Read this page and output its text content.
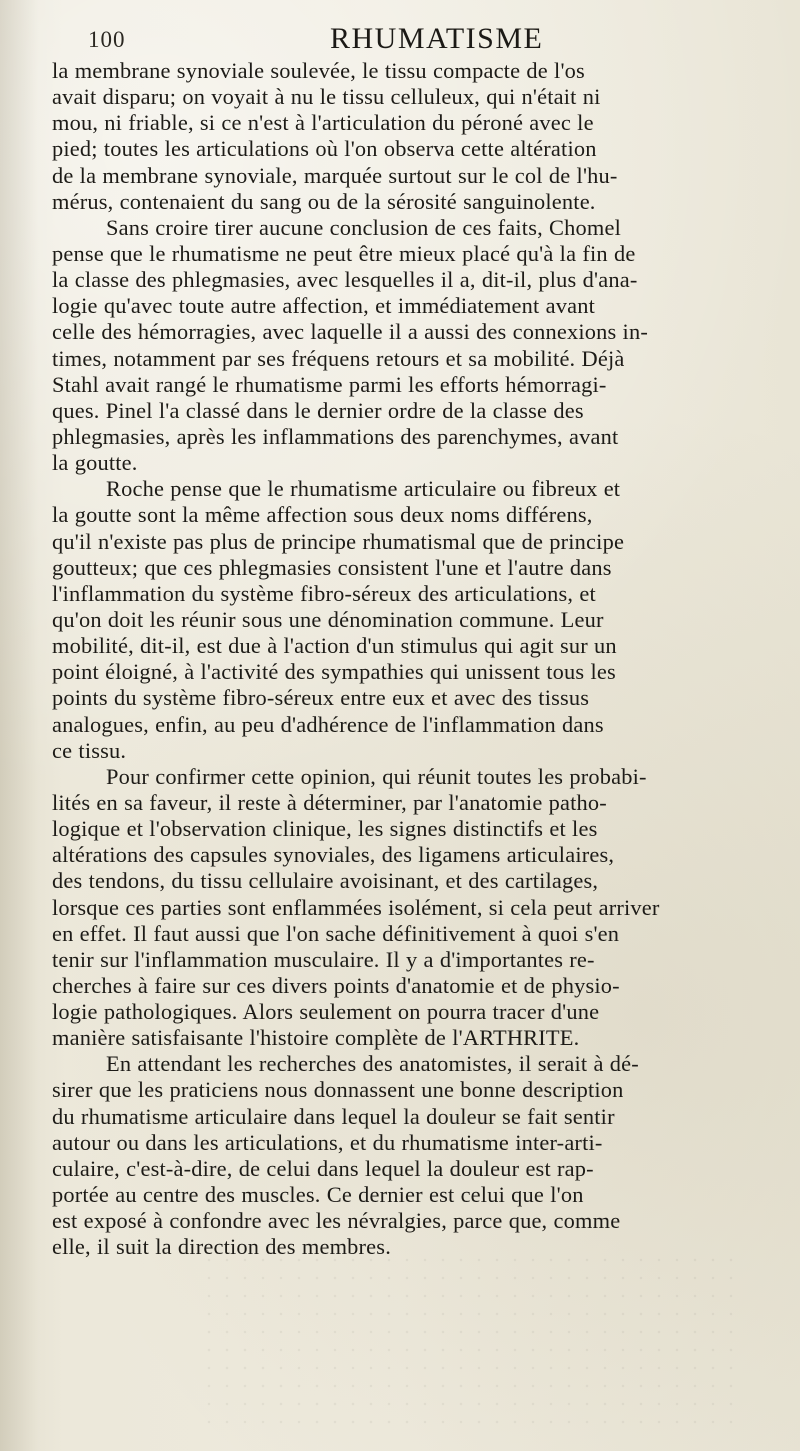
100	RHUMATISME
la membrane synoviale soulevée, le tissu compacte de l'os
avait disparu; on voyait à nu le tissu celluleux, qui n'était ni
mou, ni friable, si ce n'est à l'articulation du péroné avec le
pied; toutes les articulations où l'on observa cette altération
de la membrane synoviale, marquée surtout sur le col de l'hu-
mérus, contenaient du sang ou de la sérosité sanguinolente.
Sans croire tirer aucune conclusion de ces faits, Chomel
pense que le rhumatisme ne peut être mieux placé qu'à la fin de
la classe des phlegmasies, avec lesquelles il a, dit-il, plus d'ana-
logie qu'avec toute autre affection, et immédiatement avant
celle des hémorragies, avec laquelle il a aussi des connexions in-
times, notamment par ses fréquens retours et sa mobilité. Déjà
Stahl avait rangé le rhumatisme parmi les efforts hémorragi-
ques. Pinel l'a classé dans le dernier ordre de la classe des
phlegmasies, après les inflammations des parenchymes, avant
la goutte.
Roche pense que le rhumatisme articulaire ou fibreux et
la goutte sont la même affection sous deux noms différens,
qu'il n'existe pas plus de principe rhumatismal que de principe
goutteux; que ces phlegmasies consistent l'une et l'autre dans
l'inflammation du système fibro-séreux des articulations, et
qu'on doit les réunir sous une dénomination commune. Leur
mobilité, dit-il, est due à l'action d'un stimulus qui agit sur un
point éloigné, à l'activité des sympathies qui unissent tous les
points du système fibro-séreux entre eux et avec des tissus
analogues, enfin, au peu d'adhérence de l'inflammation dans
ce tissu.
Pour confirmer cette opinion, qui réunit toutes les probabi-
lités en sa faveur, il reste à déterminer, par l'anatomie patho-
logique et l'observation clinique, les signes distinctifs et les
altérations des capsules synoviales, des ligamens articulaires,
des tendons, du tissu cellulaire avoisinant, et des cartilages,
lorsque ces parties sont enflammées isolément, si cela peut arriver
en effet. Il faut aussi que l'on sache définitivement à quoi s'en
tenir sur l'inflammation musculaire. Il y a d'importantes re-
cherches à faire sur ces divers points d'anatomie et de physio-
logie pathologiques. Alors seulement on pourra tracer d'une
manière satisfaisante l'histoire complète de l'ARTHRITE.
En attendant les recherches des anatomistes, il serait à dé-
sirer que les praticiens nous donnassent une bonne description
du rhumatisme articulaire dans lequel la douleur se fait sentir
autour ou dans les articulations, et du rhumatisme inter-arti-
culaire, c'est-à-dire, de celui dans lequel la douleur est rap-
portée au centre des muscles. Ce dernier est celui que l'on
est exposé à confondre avec les névralgies, parce que, comme
elle, il suit la direction des membres.
